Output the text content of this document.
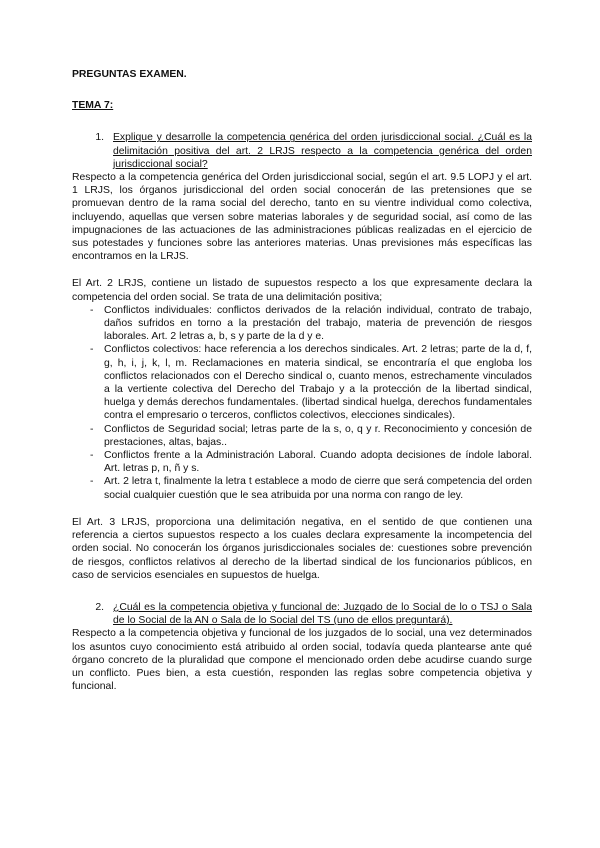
PREGUNTAS EXAMEN.
TEMA 7:
1. Explique y desarrolle la competencia genérica del orden jurisdiccional social. ¿Cuál es la delimitación positiva del art. 2 LRJS respecto a la competencia genérica del orden jurisdiccional social?

Respecto a la competencia genérica del Orden jurisdiccional social, según el art. 9.5 LOPJ y el art. 1 LRJS, los órganos jurisdiccional del orden social conocerán de las pretensiones que se promuevan dentro de la rama social del derecho, tanto en su vientre individual como colectiva, incluyendo, aquellas que versen sobre materias laborales y de seguridad social, así como de las impugnaciones de las actuaciones de las administraciones públicas realizadas en el ejercicio de sus potestades y funciones sobre las anteriores materias. Unas previsiones más específicas las encontramos en la LRJS.

El Art. 2 LRJS, contiene un listado de supuestos respecto a los que expresamente declara la competencia del orden social. Se trata de una delimitación positiva;

-	Conflictos individuales: conflictos derivados de la relación individual, contrato de trabajo, daños sufridos en torno a la prestación del trabajo, materia de prevención de riesgos laborales. Art. 2 letras a, b, s y parte de la d y e.
-	Conflictos colectivos: hace referencia a los derechos sindicales. Art. 2 letras; parte de la d, f, g, h, i, j, k, l, m. Reclamaciones en materia sindical, se encontraría el que engloba los conflictos relacionados con el Derecho sindical o, cuanto menos, estrechamente vinculados a la vertiente colectiva del Derecho del Trabajo y a la protección de la libertad sindical, huelga y demás derechos fundamentales. (libertad sindical huelga, derechos fundamentales contra el empresario o terceros, conflictos colectivos, elecciones sindicales).
-	Conflictos de Seguridad social; letras parte de la s, o, q y r. Reconocimiento y concesión de prestaciones, altas, bajas..
-	Conflictos frente a la Administración Laboral. Cuando adopta decisiones de índole laboral. Art. letras p, n, ñ y s.
-	Art. 2 letra t, finalmente la letra t establece a modo de cierre que será competencia del orden social cualquier cuestión que le sea atribuida por una norma con rango de ley.

El Art. 3 LRJS, proporciona una delimitación negativa, en el sentido de que contienen una referencia a ciertos supuestos respecto a los cuales declara expresamente la incompetencia del orden social. No conocerán los órganos jurisdiccionales sociales de: cuestiones sobre prevención de riesgos, conflictos relativos al derecho de la libertad sindical de los funcionarios públicos, en caso de servicios esenciales en supuestos de huelga.

2. ¿Cuál es la competencia objetiva y funcional de: Juzgado de lo Social de lo o TSJ o Sala de lo Social de la AN o Sala de lo Social del TS (uno de ellos preguntará).

Respecto a la competencia objetiva y funcional de los juzgados de lo social, una vez determinados los asuntos cuyo conocimiento está atribuido al orden social, todavía queda plantearse ante qué órgano concreto de la pluralidad que compone el mencionado orden debe acudirse cuando surge un conflicto. Pues bien, a esta cuestión, responden las reglas sobre competencia objetiva y funcional.
